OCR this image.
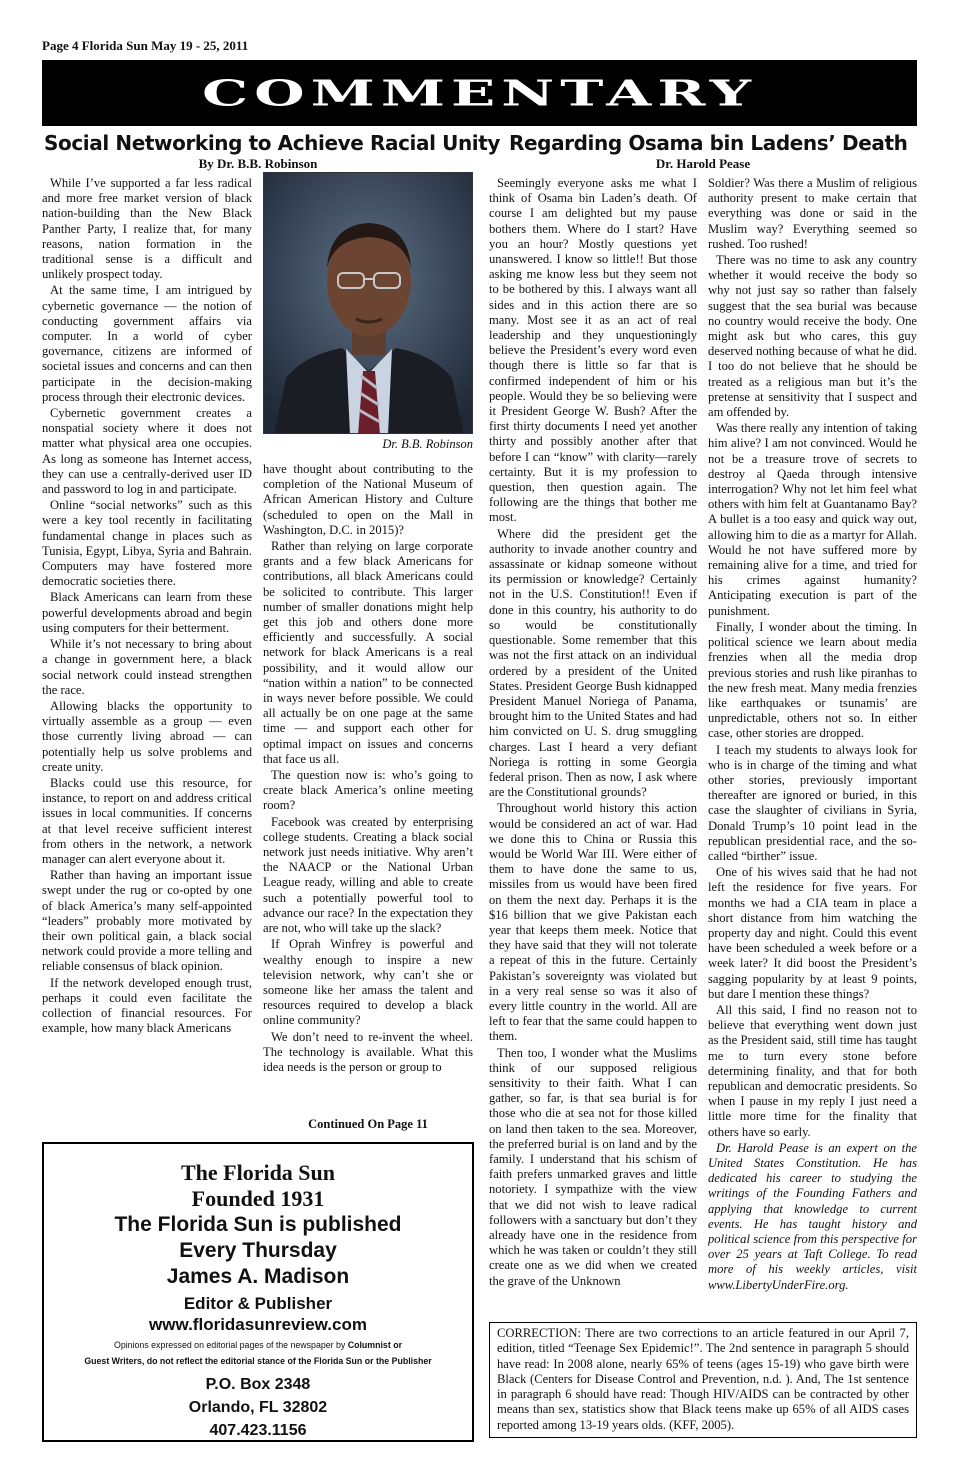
Page 4 Florida Sun May 19 - 25, 2011
COMMENTARY
Social Networking to Achieve Racial Unity
By Dr. B.B. Robinson

While I’ve supported a far less radical and more free market version of black nation-building than the New Black Panther Party, I realize that, for many reasons, nation formation in the traditional sense is a difficult and unlikely prospect today.

At the same time, I am intrigued by cybernetic governance — the notion of conducting government affairs via computer. In a world of cyber governance, citizens are informed of societal issues and concerns and can then participate in the decision-making process through their electronic devices.

Cybernetic government creates a nonspatial society where it does not matter what physical area one occupies. As long as someone has Internet access, they can use a centrally-derived user ID and password to log in and participate.

Online “social networks” such as this were a key tool recently in facilitating fundamental change in places such as Tunisia, Egypt, Libya, Syria and Bahrain. Computers may have fostered more democratic societies there.

Black Americans can learn from these powerful developments abroad and begin using computers for their betterment.

While it’s not necessary to bring about a change in government here, a black social network could instead strengthen the race.

Allowing blacks the opportunity to virtually assemble as a group — even those currently living abroad — can potentially help us solve problems and create unity.

Blacks could use this resource, for instance, to report on and address critical issues in local communities. If concerns at that level receive sufficient interest from others in the network, a network manager can alert everyone about it.

Rather than having an important issue swept under the rug or co-opted by one of black America’s many self-appointed “leaders” probably more motivated by their own political gain, a black social network could provide a more telling and reliable consensus of black opinion.

If the network developed enough trust, perhaps it could even facilitate the collection of financial resources. For example, how many black Americans

Dr. B.B. Robinson

have thought about contributing to the completion of the National Museum of African American History and Culture (scheduled to open on the Mall in Washington, D.C. in 2015)?

Rather than relying on large corporate grants and a few black Americans for contributions, all black Americans could be solicited to contribute. This larger number of smaller donations might help get this job and others done more efficiently and successfully. A social network for black Americans is a real possibility, and it would allow our “nation within a nation” to be connected in ways never before possible. We could all actually be on one page at the same time — and support each other for optimal impact on issues and concerns that face us all.

The question now is: who’s going to create black America’s online meeting room?

Facebook was created by enterprising college students. Creating a black social network just needs initiative. Why aren’t the NAACP or the National Urban League ready, willing and able to create such a potentially powerful tool to advance our race? In the expectation they are not, who will take up the slack?

If Oprah Winfrey is powerful and wealthy enough to inspire a new television network, why can’t she or someone like her amass the talent and resources required to develop a black online community?

We don’t need to re-invent the wheel. The technology is available. What this idea needs is the person or group to

Continued On Page 11
Regarding Osama bin Ladens’ Death
Dr. Harold Pease

Seemingly everyone asks me what I think of Osama bin Laden’s death. Of course I am delighted but my pause bothers them. Where do I start? Have you an hour? Mostly questions yet unanswered. I know so little!! But those asking me know less but they seem not to be bothered by this. I always want all sides and in this action there are so many. Most see it as an act of real leadership and they unquestioningly believe the President’s every word even though there is little so far that is confirmed independent of him or his people. Would they be so believing were it President George W. Bush? After the first thirty documents I need yet another thirty and possibly another after that before I can “know” with clarity—rarely certainty. But it is my profession to question, then question again. The following are the things that bother me most.

Where did the president get the authority to invade another country and assassinate or kidnap someone without its permission or knowledge? Certainly not in the U.S. Constitution!! Even if done in this country, his authority to do so would be constitutionally questionable. Some remember that this was not the first attack on an individual ordered by a president of the United States. President George Bush kidnapped President Manuel Noriega of Panama, brought him to the United States and had him convicted on U. S. drug smuggling charges. Last I heard a very defiant Noriega is rotting in some Georgia federal prison. Then as now, I ask where are the Constitutional grounds?

Throughout world history this action would be considered an act of war. Had we done this to China or Russia this would be World War III. Were either of them to have done the same to us, missiles from us would have been fired on them the next day. Perhaps it is the $16 billion that we give Pakistan each year that keeps them meek. Notice that they have said that they will not tolerate a repeat of this in the future. Certainly Pakistan’s sovereignty was violated but in a very real sense so was it also of every little country in the world. All are left to fear that the same could happen to them.

Then too, I wonder what the Muslims think of our supposed religious sensitivity to their faith. What I can gather, so far, is that sea burial is for those who die at sea not for those killed on land then taken to the sea. Moreover, the preferred burial is on land and by the family. I understand that his schism of faith prefers unmarked graves and little notoriety. I sympathize with the view that we did not wish to leave radical followers with a sanctuary but don’t they already have one in the residence from which he was taken or couldn’t they still create one as we did when we created the grave of the Unknown

Soldier? Was there a Muslim of religious authority present to make certain that everything was done or said in the Muslim way? Everything seemed so rushed. Too rushed!

There was no time to ask any country whether it would receive the body so why not just say so rather than falsely suggest that the sea burial was because no country would receive the body. One might ask but who cares, this guy deserved nothing because of what he did. I too do not believe that he should be treated as a religious man but it’s the pretense at sensitivity that I suspect and am offended by.

Was there really any intention of taking him alive? I am not convinced. Would he not be a treasure trove of secrets to destroy al Qaeda through intensive interrogation? Why not let him feel what others with him felt at Guantanamo Bay? A bullet is a too easy and quick way out, allowing him to die as a martyr for Allah. Would he not have suffered more by remaining alive for a time, and tried for his crimes against humanity? Anticipating execution is part of the punishment.

Finally, I wonder about the timing. In political science we learn about media frenzies when all the media drop previous stories and rush like piranhas to the new fresh meat. Many media frenzies like earthquakes or tsunamis’ are unpredictable, others not so. In either case, other stories are dropped.

I teach my students to always look for who is in charge of the timing and what other stories, previously important thereafter are ignored or buried, in this case the slaughter of civilians in Syria, Donald Trump’s 10 point lead in the republican presidential race, and the so-called “birther” issue.

One of his wives said that he had not left the residence for five years. For months we had a CIA team in place a short distance from him watching the property day and night. Could this event have been scheduled a week before or a week later? It did boost the President’s sagging popularity by at least 9 points, but dare I mention these things?

All this said, I find no reason not to believe that everything went down just as the President said, still time has taught me to turn every stone before determining finality, and that for both republican and democratic presidents. So when I pause in my reply I just need a little more time for the finality that others have so early.

Dr. Harold Pease is an expert on the United States Constitution. He has dedicated his career to studying the writings of the Founding Fathers and applying that knowledge to current events. He has taught history and political science from this perspective for over 25 years at Taft College. To read more of his weekly articles, visit www.LibertyUnderFire.org.

The Florida Sun
Founded 1931
The Florida Sun is published
Every Thursday
James A. Madison
Editor & Publisher
www.floridasunreview.com
Opinions expressed on editorial pages of the newspaper by Columnist or
Guest Writers, do not reflect the editorial stance of the Florida Sun or the Publisher
P.O. Box 2348
Orlando, FL 32802
407.423.1156
CORRECTION: There are two corrections to an article featured in our April 7, edition, titled “Teenage Sex Epidemic!”. The 2nd sentence in paragraph 5 should have read: In 2008 alone, nearly 65% of teens (ages 15-19) who gave birth were Black (Centers for Disease Control and Prevention, n.d. ). And, The 1st sentence in paragraph 6 should have read: Though HIV/AIDS can be contracted by other means than sex, statistics show that Black teens make up 65% of all AIDS cases reported among 13-19 years olds. (KFF, 2005).
